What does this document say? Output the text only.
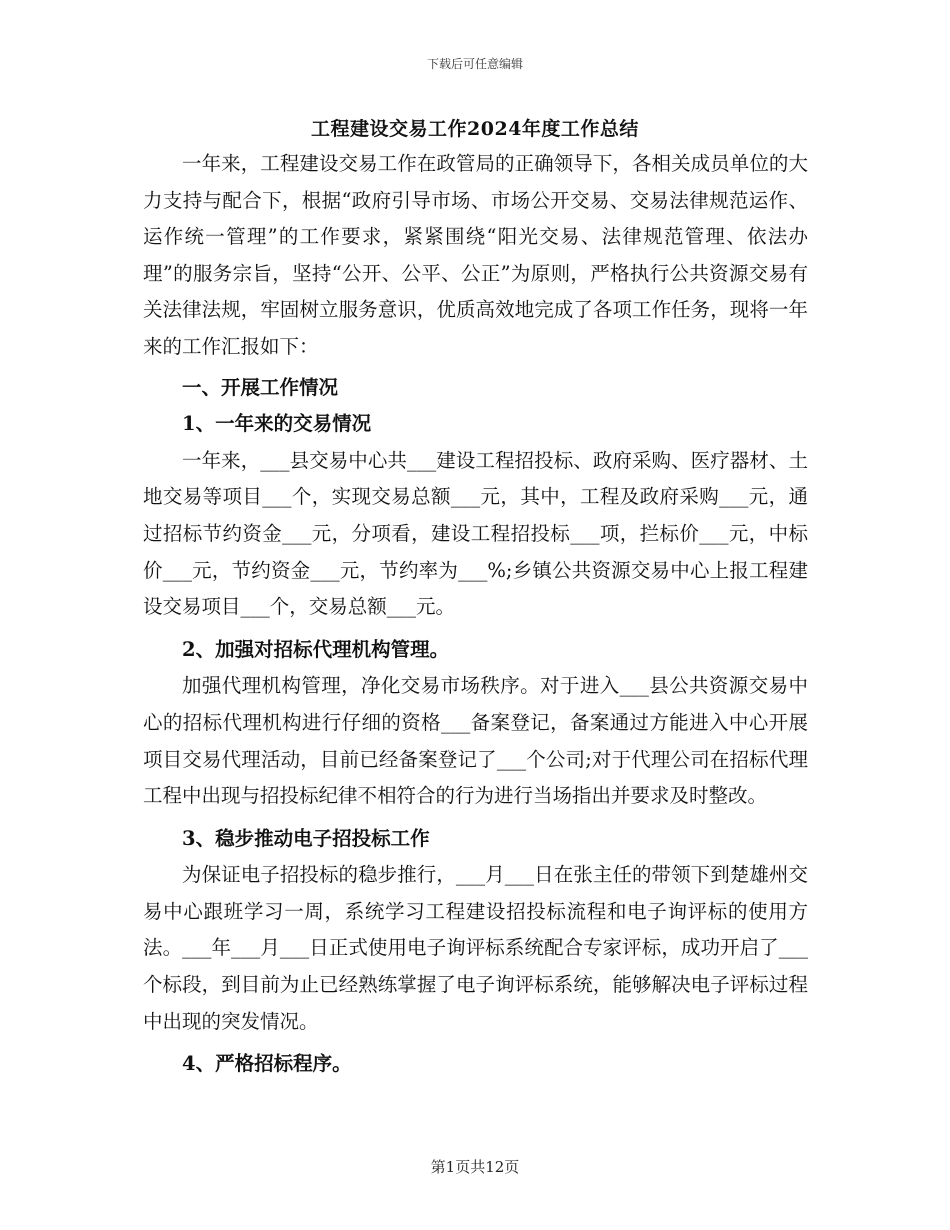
下载后可任意编辑
工程建设交易工作2024年度工作总结

一年来，工程建设交易工作在政管局的正确领导下，各相关成员单位的大力支持与配合下，根据“政府引导市场、市场公开交易、交易法律规范运作、运作统一管理”的工作要求，紧紧围绕“阳光交易、法律规范管理、依法办理”的服务宗旨，坚持“公开、公平、公正”为原则，严格执行公共资源交易有关法律法规，牢固树立服务意识，优质高效地完成了各项工作任务，现将一年来的工作汇报如下：

一、开展工作情况
1、一年来的交易情况

一年来，___县交易中心共___建设工程招投标、政府采购、医疗器材、土地交易等项目___个，实现交易总额___元，其中，工程及政府采购___元，通过招标节约资金___元，分项看，建设工程招投标___项，拦标价___元，中标价___元，节约资金___元，节约率为___%;乡镇公共资源交易中心上报工程建设交易项目___个，交易总额___元。

2、加强对招标代理机构管理。

加强代理机构管理，净化交易市场秩序。对于进入___县公共资源交易中心的招标代理机构进行仔细的资格___备案登记，备案通过方能进入中心开展项目交易代理活动，目前已经备案登记了___个公司;对于代理公司在招标代理工程中出现与招投标纪律不相符合的行为进行当场指出并要求及时整改。

3、稳步推动电子招投标工作

为保证电子招投标的稳步推行，___月___日在张主任的带领下到楚雄州交易中心跟班学习一周，系统学习工程建设招投标流程和电子询评标的使用方法。___年___月___日正式使用电子询评标系统配合专家评标，成功开启了___个标段，到目前为止已经熟练掌握了电子询评标系统，能够解决电子评标过程中出现的突发情况。

4、严格招标程序。
第1页共12页
